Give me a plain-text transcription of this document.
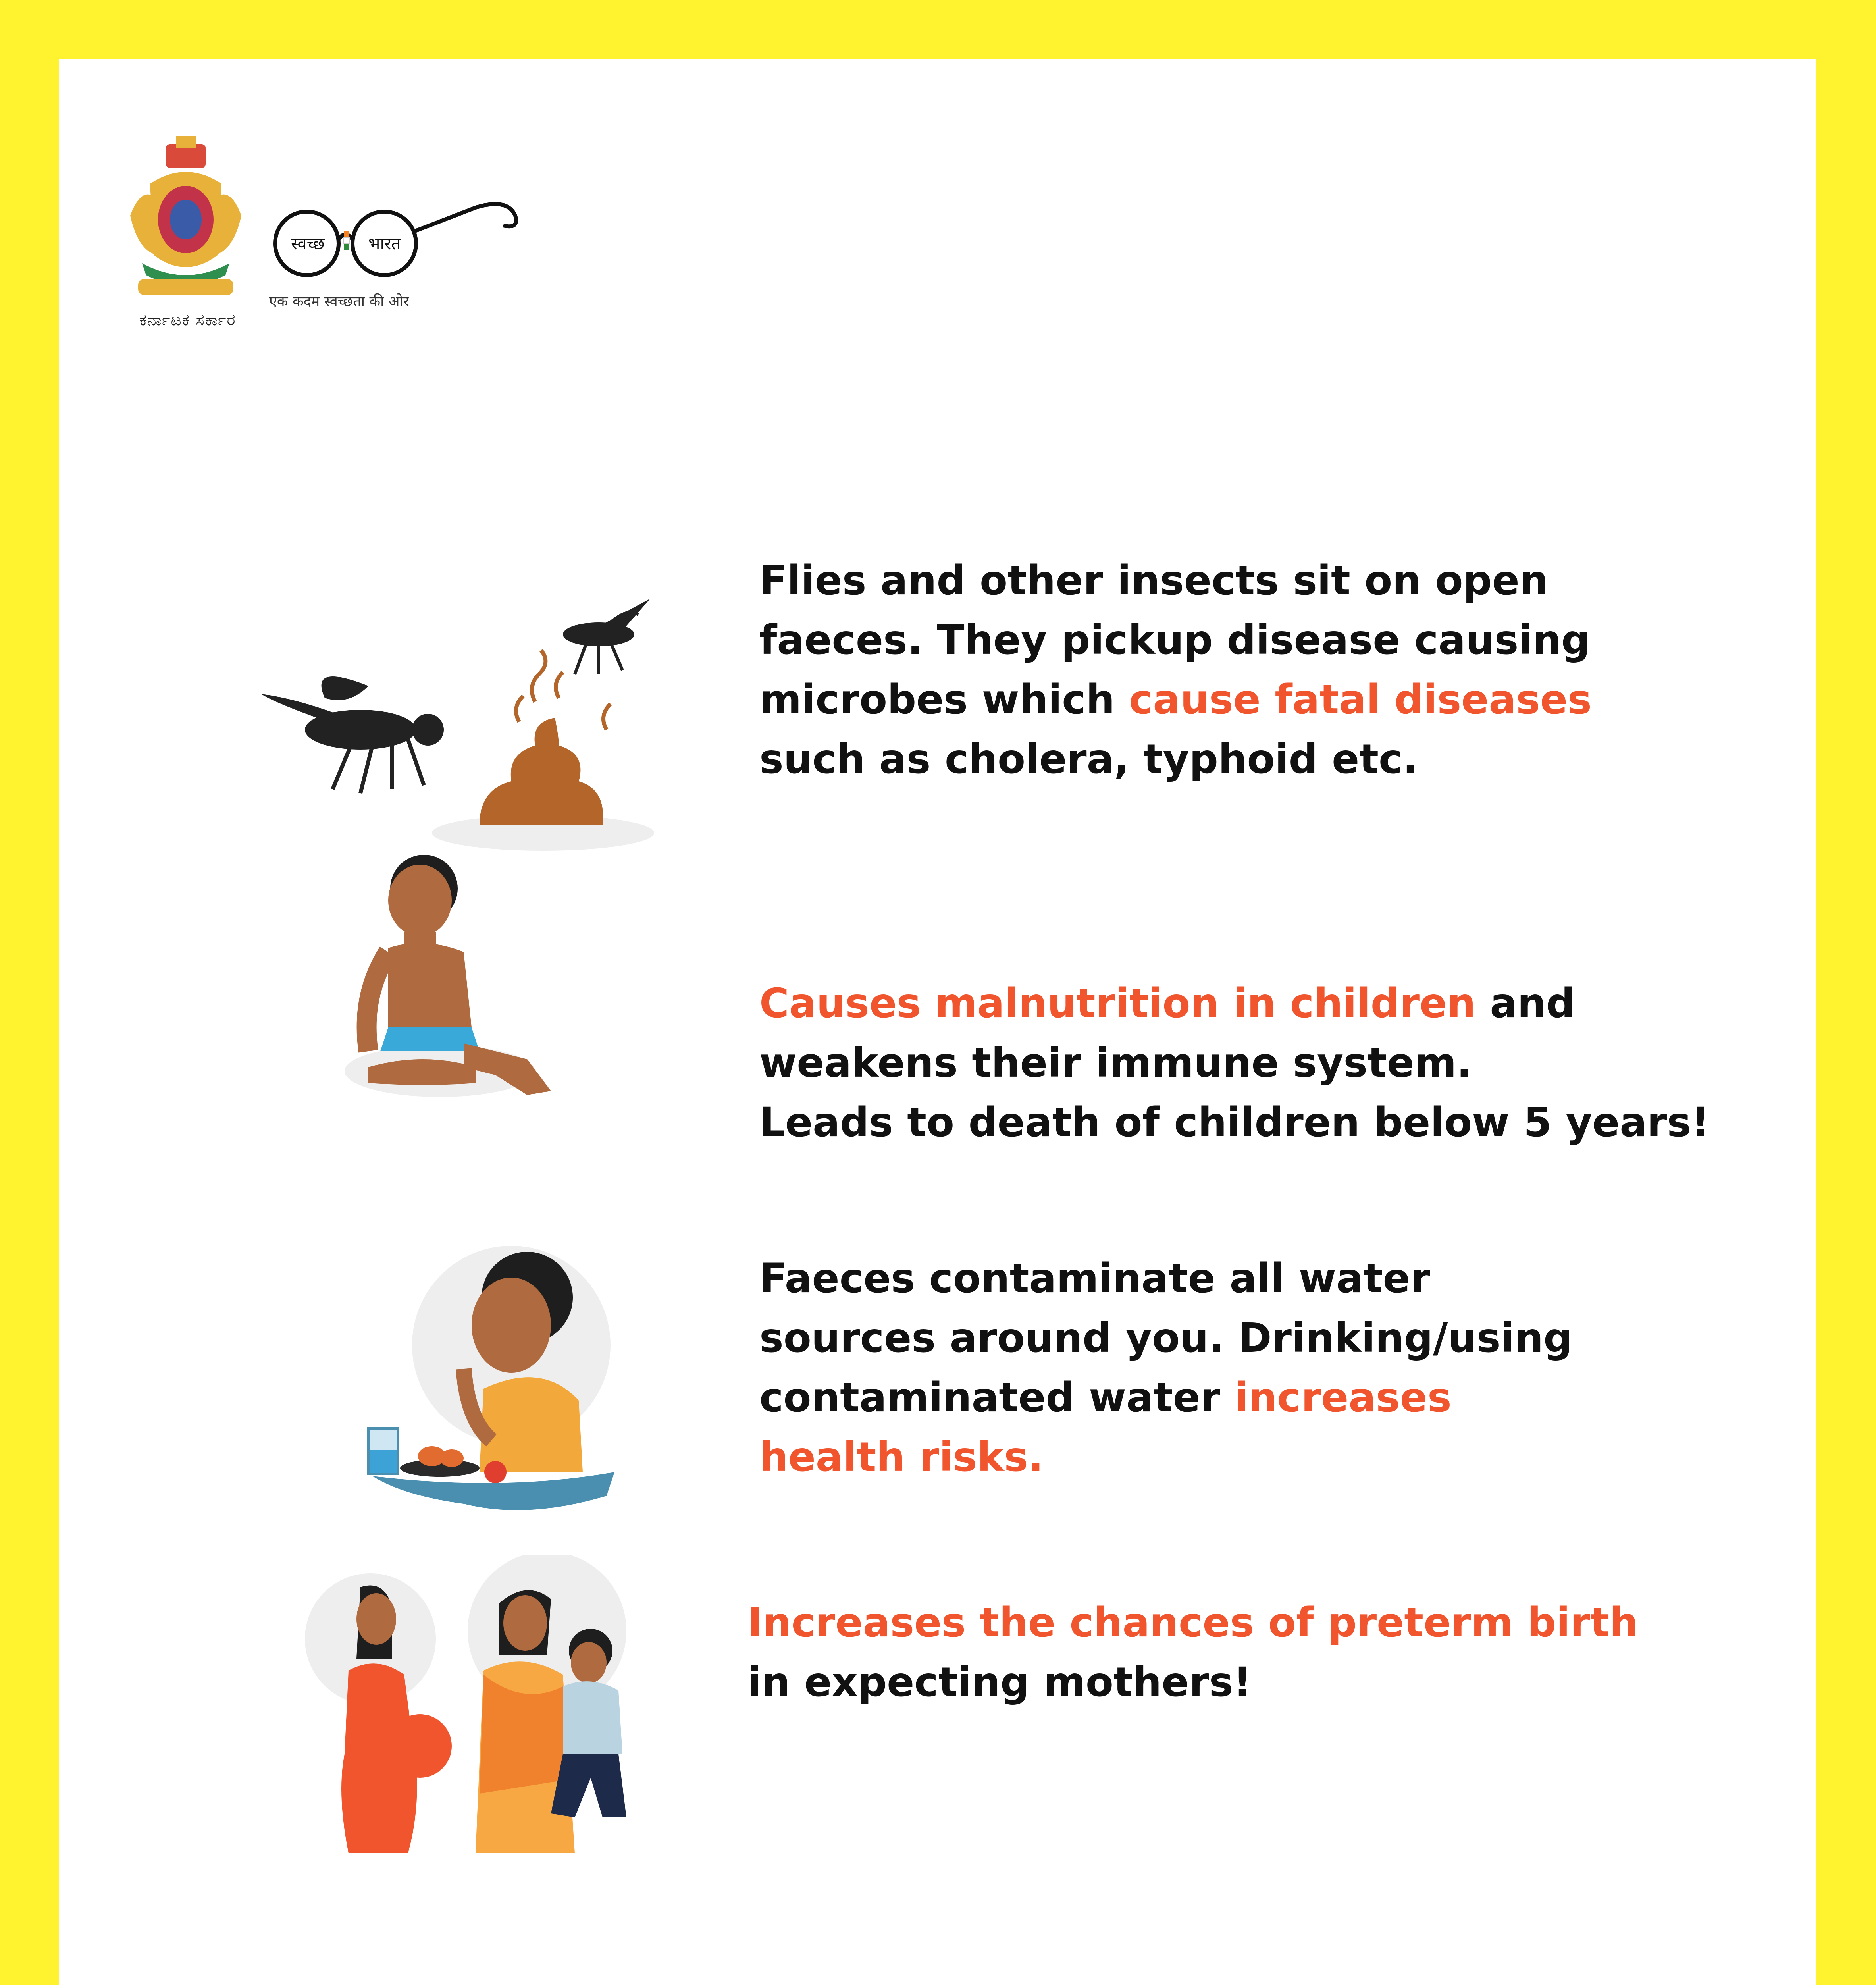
ಕರ್ನಾಟಕ ಸರ್ಕಾರ
स्वच्छ	भारत
एक कदम स्वच्छता की ओर
Flies and other insects sit on open
faeces. They pickup disease causing
microbes which cause fatal diseases
such as cholera, typhoid etc.
Causes malnutrition in children and
weakens their immune system.
Leads to death of children below 5 years!
Faeces contaminate all water
sources around you. Drinking/using
contaminated water increases
health risks.
Increases the chances of preterm birth
in expecting mothers!
